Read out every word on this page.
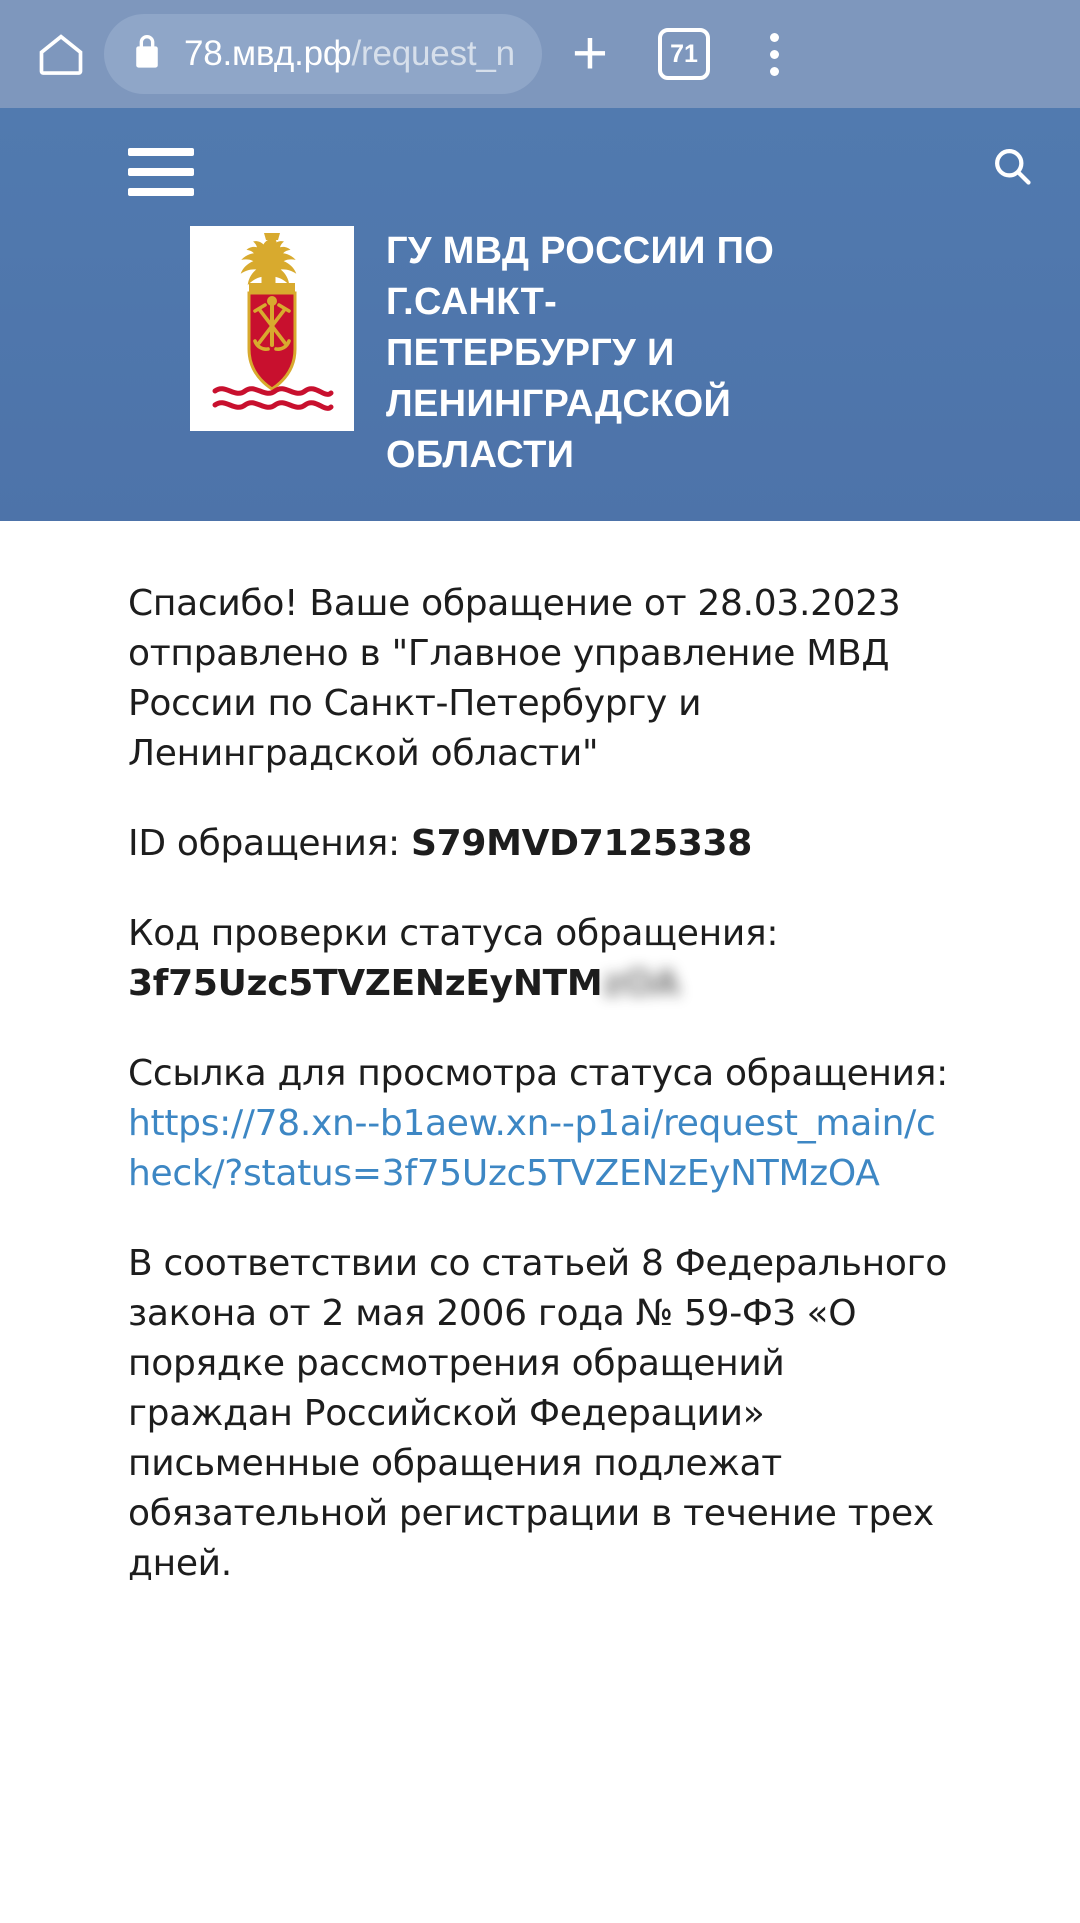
78.мвд.рф/request_n +	71
ГУ МВД РОССИИ ПО Г.САНКТ-ПЕТЕРБУРГУ И ЛЕНИНГРАДСКОЙ ОБЛАСТИ

Спасибо! Ваше обращение от 28.03.2023 отправлено в "Главное управление МВД России по Санкт-Петербургу и Ленинградской области"

ID обращения: S79MVD7125338

Код проверки статуса обращения:
3f75Uzc5TVZENzEyNTMzOA

Ссылка для просмотра статуса обращения: https://78.xn--b1aew.xn--p1ai/request_main/check/?status=3f75Uzc5TVZENzEyNTMzOA

В соответствии со статьей 8 Федерального закона от 2 мая 2006 года № 59-ФЗ «О порядке рассмотрения обращений граждан Российской Федерации» письменные обращения подлежат обязательной регистрации в течение трех дней.
